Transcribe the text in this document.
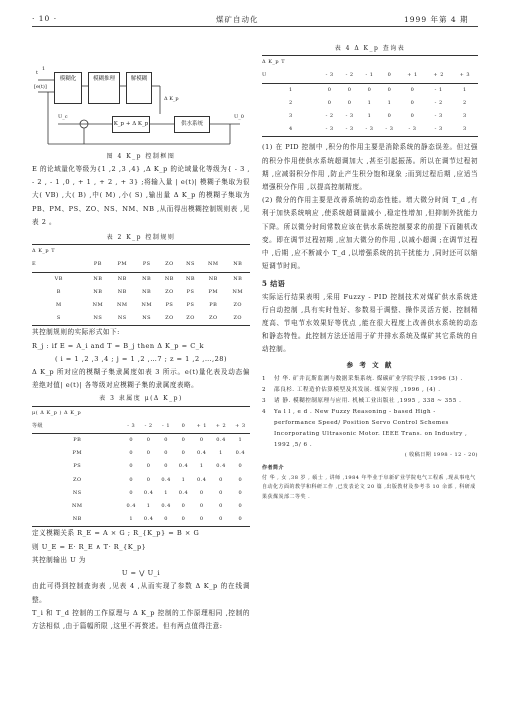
· 10 ·	煤矿自动化	1999 年第 4 期
模糊化	模糊推理	解模糊
K_p + Δ K_p	供水系统
t
[e(t)]
1
Δ K_p
U_c	U_0
图 4 K_p 控制框图

E 的论域量化等级为{1 ,2 ,3 ,4} ,Δ K_p 的论域量化等级为{ - 3 , - 2 , - 1 ,0 , + 1 , + 2 , + 3} ;将输入量 | e(t)| 模糊子集取为很大( VB) ,大( B) ,中( M) ,小( S) ,输出量 Δ K_p 的模糊子集取为 PB、PM、PS、ZO、NS、NM、NB ,从而得出模糊控制规则表 ,见表 2 。

表 2 K_p 控制规则
Δ K_p T							
E	PB	PM	PS	ZO	NS	NM	NB
VB	NB	NB	NB	NB	NB	NB	NB
B	NB	NB	NB	ZO	PS	PM	NM
M	NM	NM	NM	PS	PS	PB	ZO
S	NS	NS	NS	ZO	ZO	ZO	ZO

其控制规则的实际形式如下:

R_j : if E = A_i and T = B_j then Δ K_p = C_k

( i = 1 ,2 ,3 ,4 ; j = 1 ,2 ,…7 ; z = 1 ,2 ,…,28)

Δ K_p 所对应的模糊子集隶属度如表 3 所示。e(t)量化表及动态偏差绝对值| e(t)| 各等级对应模糊子集的隶属度表略。

表 3 隶属度 μ(Δ K_p)
μ( Δ K_p ) Δ K_p							
等级	- 3	- 2	- 1	0	+ 1	+ 2	+ 3
PB	0	0	0	0	0	0.4	1
PM	0	0	0	0	0.4	1	0.4
PS	0	0	0	0.4	1	0.4	0
ZO	0	0	0.4	1	0.4	0	0
NS	0	0.4	1	0.4	0	0	0
NM	0.4	1	0.4	0	0	0	0
NB	1	0.4	0	0	0	0	0

定义模糊关系 R_E = A × G ; R_{K_p} = B × G

则 U_E = E· R_E ∧ T· R_{K_p}

其控制输出 U 为

U = ⋁ U_i

由此可得到控制查询表 ,见表 4 ,从而实现了参数 Δ K_p 的在线调整。

T_i 和 T_d 控制的工作原理与 Δ K_p 控制的工作原理相同 ,控制的方法相似 ,由于篇幅所限 ,这里不再赘述。但有两点值得注意:

表 4 Δ K_p 查询表
Δ K_p T							
U	- 3	- 2	- 1	0	+ 1	+ 2	+ 3
1	0	0	0	0	0	- 1	1
2	0	0	1	1	0	- 2	2
3	- 2	- 3	1	0	0	- 3	3
4	- 3	- 3	- 3	- 3	- 3	- 3	3

(1) 在 PID 控制中 ,积分的作用主要是消除系统的静态误差。但过强的积分作用使供水系统超调加大 ,甚至引起振荡。所以在调节过程初期 ,应减弱积分作用 ,防止产生积分饱和现象 ;而到过程后期 ,应适当增强积分作用 ,以提高控制精度。

(2) 微分的作用主要是改善系统的动态性能。增大微分时间 T_d ,有利于加快系统响应 ,使系统超调量减小 ,稳定性增加 ,但抑制外扰能力下降。所以微分时间常数应该在供水系统控制要求的前提下而随机改变。即在调节过程初期 ,应加大微分的作用 ,以减小超调 ;在调节过程中 ,后期 ,应不断减小 T_d ,以增强系统的抗干扰能力 ,同时还可以缩短调节时间。

5 结语

实际运行结果表明 ,采用 Fuzzy - PID 控制技术对煤矿供水系统进行自动控制 ,具有实时性好、参数易于调整、操作灵活方便、控制精度高、节电节水效果好等优点 ,能在很大程度上改善供水系统的动态和静态特性。此控制方法还适用于矿井排水系统及煤矿其它系统的自动控制。

参 考 文 献
1	付 华. 矿井瓦斯监测与数据采集系统. 煤碳矿业学院学报 ,1996 (3) .
2	邵良杉. 工程造价估算模型及其发展. 煤炭学报 ,1996 , (4) .
3	诸 静. 模糊控制原理与应用. 机械工业出版社 ,1995 , 338 ~ 355 .
4	Ya l l , e d . New Fuzzy Reasoning - based High - performance Speed/ Position Servo Control Schemes Incorporating Ultrasonic Motor. IEEE Trans. on Industry , 1992 ,5/ 6 .
( 收稿日期 1998 - 12 - 20)
作者简介
付 华 , 女 ,38 岁 , 硕士 , 讲师 ,1984 年毕业于阜新矿业学院电气工程系 ,现从事电气自动化方面的教学和科研工作 ,已发表论文 20 篇 ,出版教材及参考书 10 余部 , 科研成果获煤炭部二等奖 .
